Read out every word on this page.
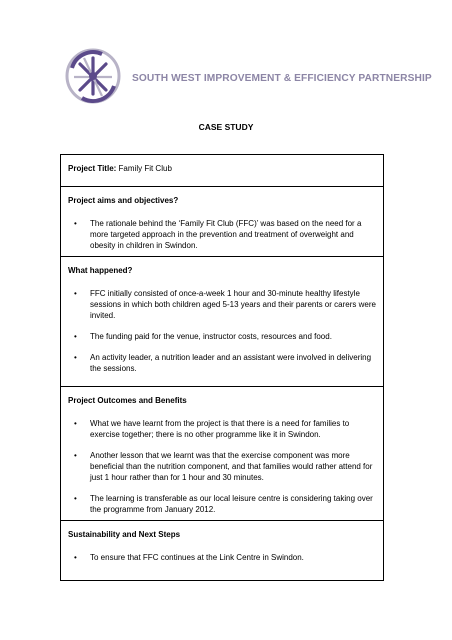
SOUTH WEST IMPROVEMENT & EFFICIENCY PARTNERSHIP
CASE STUDY
Project Title: Family Fit Club
Project aims and objectives?
• The rationale behind the ‘Family Fit Club (FFC)’ was based on the need for a more targeted approach in the prevention and treatment of overweight and obesity in children in Swindon.
What happened?
• FFC initially consisted of once-a-week 1 hour and 30-minute healthy lifestyle sessions in which both children aged 5-13 years and their parents or carers were invited.
• The funding paid for the venue, instructor costs, resources and food.
• An activity leader, a nutrition leader and an assistant were involved in delivering the sessions.
Project Outcomes and Benefits
• What we have learnt from the project is that there is a need for families to exercise together; there is no other programme like it in Swindon.
• Another lesson that we learnt was that the exercise component was more beneficial than the nutrition component, and that families would rather attend for just 1 hour rather than for 1 hour and 30 minutes.
• The learning is transferable as our local leisure centre is considering taking over the programme from January 2012.
Sustainability and Next Steps
• To ensure that FFC continues at the Link Centre in Swindon.
